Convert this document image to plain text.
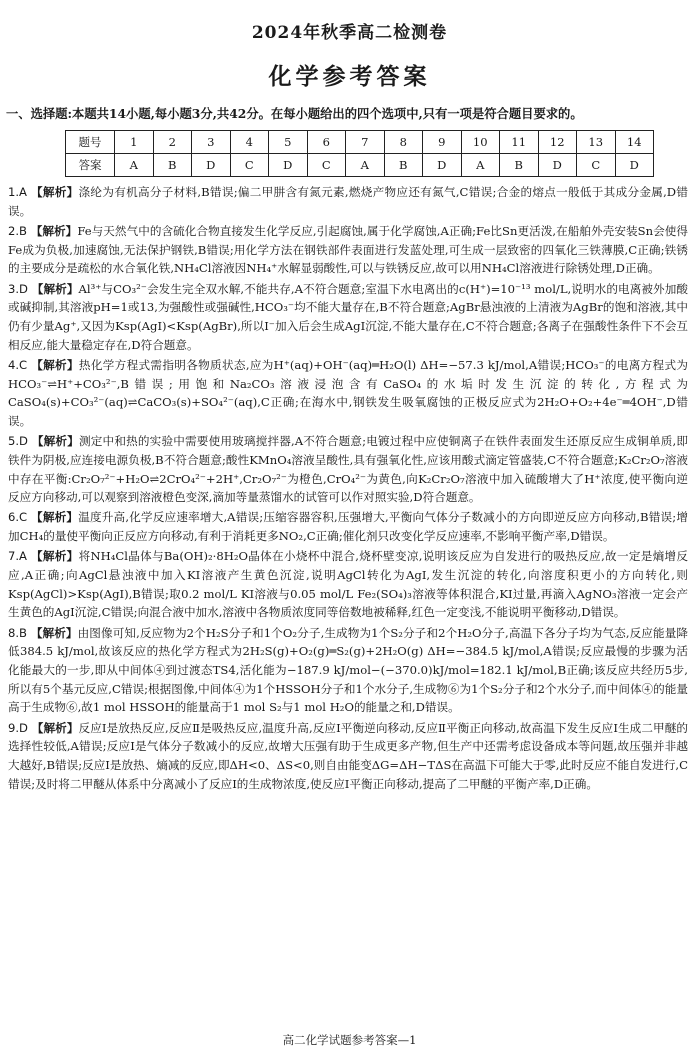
2024年秋季高二检测卷
化学参考答案
一、选择题:本题共14小题,每小题3分,共42分。在每小题给出的四个选项中,只有一项是符合题目要求的。
题号	1	2	3	4	5	6	7	8	9	10	11	12	13	14
答案	A	B	D	C	D	C	A	B	D	A	B	D	C	D
1.A 【解析】涤纶为有机高分子材料,B错误;偏二甲肼含有氮元素,燃烧产物应还有氮气,C错误;合金的熔点一般低于其成分金属,D错误。
2.B 【解析】Fe与天然气中的含硫化合物直接发生化学反应,引起腐蚀,属于化学腐蚀,A正确;Fe比Sn更活泼,在船舶外壳安装Sn会使得Fe成为负极,加速腐蚀,无法保护钢铁,B错误;用化学方法在钢铁部件表面进行发蓝处理,可生成一层致密的四氧化三铁薄膜,C正确;铁锈的主要成分是疏松的水合氧化铁,NH₄Cl溶液因NH₄⁺水解显弱酸性,可以与铁锈反应,故可以用NH₄Cl溶液进行除锈处理,D正确。
3.D 【解析】Al³⁺与CO₃²⁻会发生完全双水解,不能共存,A不符合题意;室温下水电离出的c(H⁺)=10⁻¹³ mol/L,说明水的电离被外加酸或碱抑制,其溶液pH=1或13,为强酸性或强碱性,HCO₃⁻均不能大量存在,B不符合题意;AgBr悬浊液的上清液为AgBr的饱和溶液,其中仍有少量Ag⁺,又因为Ksp(AgI)<Ksp(AgBr),所以I⁻加入后会生成AgI沉淀,不能大量存在,C不符合题意;各离子在强酸性条件下不会互相反应,能大量稳定存在,D符合题意。
4.C 【解析】热化学方程式需指明各物质状态,应为H⁺(aq)+OH⁻(aq)═H₂O(l) ΔH=−57.3 kJ/mol,A错误;HCO₃⁻的电离方程式为HCO₃⁻⇌H⁺+CO₃²⁻,B错误;用饱和Na₂CO₃溶液浸泡含有CaSO₄的水垢时发生沉淀的转化,方程式为CaSO₄(s)+CO₃²⁻(aq)⇌CaCO₃(s)+SO₄²⁻(aq),C正确;在海水中,钢铁发生吸氧腐蚀的正极反应式为2H₂O+O₂+4e⁻═4OH⁻,D错误。
5.D 【解析】测定中和热的实验中需要使用玻璃搅拌器,A不符合题意;电镀过程中应使铜离子在铁件表面发生还原反应生成铜单质,即铁件为阴极,应连接电源负极,B不符合题意;酸性KMnO₄溶液呈酸性,具有强氧化性,应该用酸式滴定管盛装,C不符合题意;K₂Cr₂O₇溶液中存在平衡:Cr₂O₇²⁻+H₂O⇌2CrO₄²⁻+2H⁺,Cr₂O₇²⁻为橙色,CrO₄²⁻为黄色,向K₂Cr₂O₇溶液中加入硫酸增大了H⁺浓度,使平衡向逆反应方向移动,可以观察到溶液橙色变深,滴加等量蒸馏水的试管可以作对照实验,D符合题意。
6.C 【解析】温度升高,化学反应速率增大,A错误;压缩容器容积,压强增大,平衡向气体分子数减小的方向即逆反应方向移动,B错误;增加CH₄的量使平衡向正反应方向移动,有利于消耗更多NO₂,C正确;催化剂只改变化学反应速率,不影响平衡产率,D错误。
7.A 【解析】将NH₄Cl晶体与Ba(OH)₂·8H₂O晶体在小烧杯中混合,烧杯壁变凉,说明该反应为自发进行的吸热反应,故一定是熵增反应,A正确;向AgCl悬浊液中加入KI溶液产生黄色沉淀,说明AgCl转化为AgI,发生沉淀的转化,向溶度积更小的方向转化,则Ksp(AgCl)>Ksp(AgI),B错误;取0.2 mol/L KI溶液与0.05 mol/L Fe₂(SO₄)₃溶液等体积混合,KI过量,再滴入AgNO₃溶液一定会产生黄色的AgI沉淀,C错误;向混合液中加水,溶液中各物质浓度同等倍数地被稀释,红色一定变浅,不能说明平衡移动,D错误。
8.B 【解析】由图像可知,反应物为2个H₂S分子和1个O₂分子,生成物为1个S₂分子和2个H₂O分子,高温下各分子均为气态,反应能量降低384.5 kJ/mol,故该反应的热化学方程式为2H₂S(g)+O₂(g)═S₂(g)+2H₂O(g) ΔH=−384.5 kJ/mol,A错误;反应最慢的步骤为活化能最大的一步,即从中间体④到过渡态TS4,活化能为−187.9 kJ/mol−(−370.0)kJ/mol=182.1 kJ/mol,B正确;该反应共经历5步,所以有5个基元反应,C错误;根据图像,中间体④为1个HSSOH分子和1个水分子,生成物⑥为1个S₂分子和2个水分子,而中间体④的能量高于生成物⑥,故1 mol HSSOH的能量高于1 mol S₂与1 mol H₂O的能量之和,D错误。
9.D 【解析】反应Ⅰ是放热反应,反应Ⅱ是吸热反应,温度升高,反应Ⅰ平衡逆向移动,反应Ⅱ平衡正向移动,故高温下发生反应Ⅰ生成二甲醚的选择性较低,A错误;反应Ⅰ是气体分子数减小的反应,故增大压强有助于生成更多产物,但生产中还需考虑设备成本等问题,故压强并非越大越好,B错误;反应Ⅰ是放热、熵减的反应,即ΔH<0、ΔS<0,则自由能变ΔG=ΔH−TΔS在高温下可能大于零,此时反应不能自发进行,C错误;及时将二甲醚从体系中分离减小了反应Ⅰ的生成物浓度,使反应Ⅰ平衡正向移动,提高了二甲醚的平衡产率,D正确。
高二化学试题参考答案—1
